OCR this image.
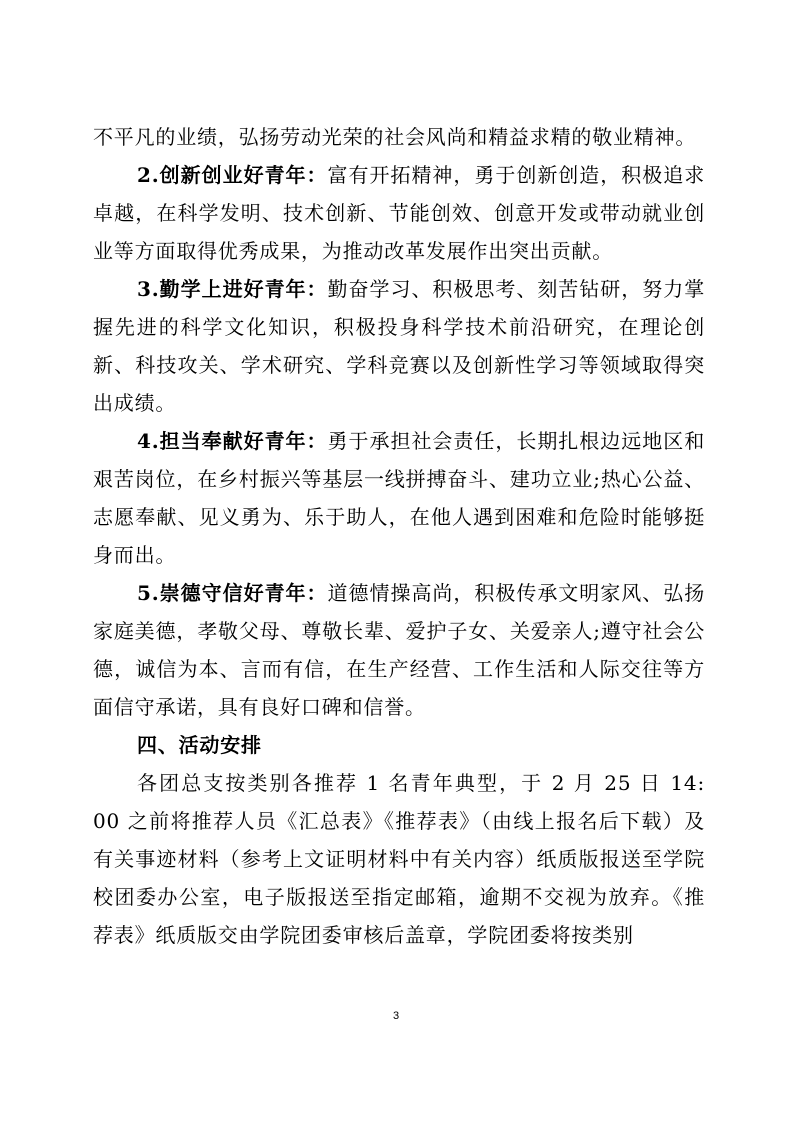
不平凡的业绩，弘扬劳动光荣的社会风尚和精益求精的敬业精神。

2.创新创业好青年：富有开拓精神，勇于创新创造，积极追求卓越，在科学发明、技术创新、节能创效、创意开发或带动就业创业等方面取得优秀成果，为推动改革发展作出突出贡献。

3.勤学上进好青年：勤奋学习、积极思考、刻苦钻研，努力掌握先进的科学文化知识，积极投身科学技术前沿研究，在理论创新、科技攻关、学术研究、学科竞赛以及创新性学习等领域取得突出成绩。

4.担当奉献好青年：勇于承担社会责任，长期扎根边远地区和艰苦岗位，在乡村振兴等基层一线拼搏奋斗、建功立业;热心公益、志愿奉献、见义勇为、乐于助人，在他人遇到困难和危险时能够挺身而出。

5.崇德守信好青年：道德情操高尚，积极传承文明家风、弘扬家庭美德，孝敬父母、尊敬长辈、爱护子女、关爱亲人;遵守社会公德，诚信为本、言而有信，在生产经营、工作生活和人际交往等方面信守承诺，具有良好口碑和信誉。

四、活动安排

各团总支按类别各推荐 1 名青年典型，于 2 月 25 日 14: 00 之前将推荐人员《汇总表》《推荐表》（由线上报名后下载）及有关事迹材料（参考上文证明材料中有关内容）纸质版报送至学院校团委办公室，电子版报送至指定邮箱，逾期不交视为放弃。《推荐表》纸质版交由学院团委审核后盖章，学院团委将按类别

3
